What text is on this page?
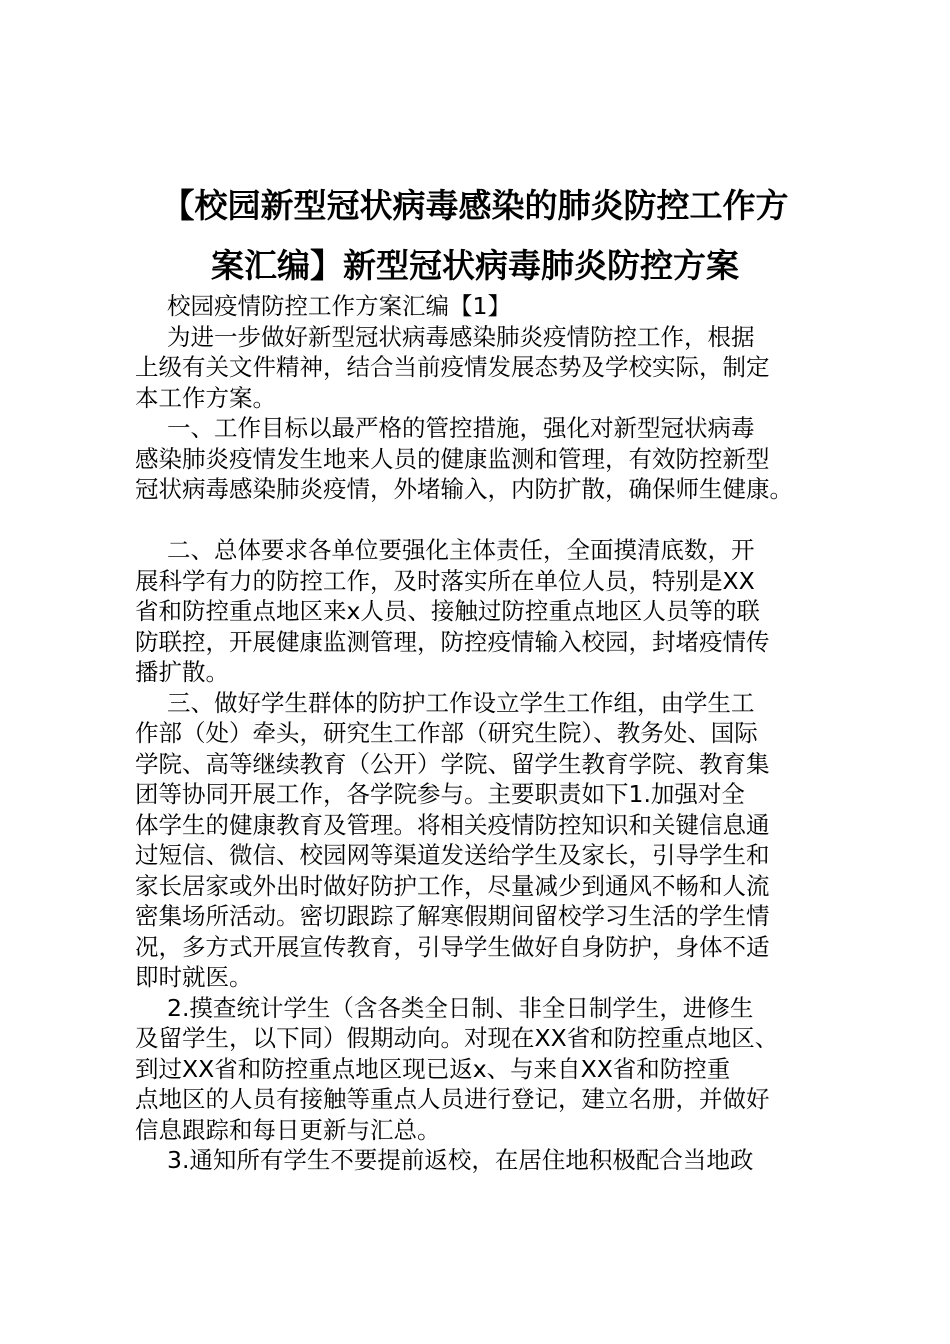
【校园新型冠状病毒感染的肺炎防控工作方
案汇编】新型冠状病毒肺炎防控方案
校园疫情防控工作方案汇编【1】
为进一步做好新型冠状病毒感染肺炎疫情防控工作，根据
上级有关文件精神，结合当前疫情发展态势及学校实际，制定
本工作方案。
一、工作目标以最严格的管控措施，强化对新型冠状病毒
感染肺炎疫情发生地来人员的健康监测和管理，有效防控新型
冠状病毒感染肺炎疫情，外堵输入，内防扩散，确保师生健康。
二、总体要求各单位要强化主体责任，全面摸清底数，开
展科学有力的防控工作，及时落实所在单位人员，特别是XX
省和防控重点地区来x人员、接触过防控重点地区人员等的联
防联控，开展健康监测管理，防控疫情输入校园，封堵疫情传
播扩散。
三、做好学生群体的防护工作设立学生工作组，由学生工
作部（处）牵头，研究生工作部（研究生院）、教务处、国际
学院、高等继续教育（公开）学院、留学生教育学院、教育集
团等协同开展工作，各学院参与。主要职责如下1.加强对全
体学生的健康教育及管理。将相关疫情防控知识和关键信息通
过短信、微信、校园网等渠道发送给学生及家长，引导学生和
家长居家或外出时做好防护工作，尽量减少到通风不畅和人流
密集场所活动。密切跟踪了解寒假期间留校学习生活的学生情
况，多方式开展宣传教育，引导学生做好自身防护，身体不适
即时就医。
2.摸查统计学生（含各类全日制、非全日制学生，进修生
及留学生，以下同）假期动向。对现在XX省和防控重点地区、
到过XX省和防控重点地区现已返x、与来自XX省和防控重
点地区的人员有接触等重点人员进行登记，建立名册，并做好
信息跟踪和每日更新与汇总。
3.通知所有学生不要提前返校，在居住地积极配合当地政
